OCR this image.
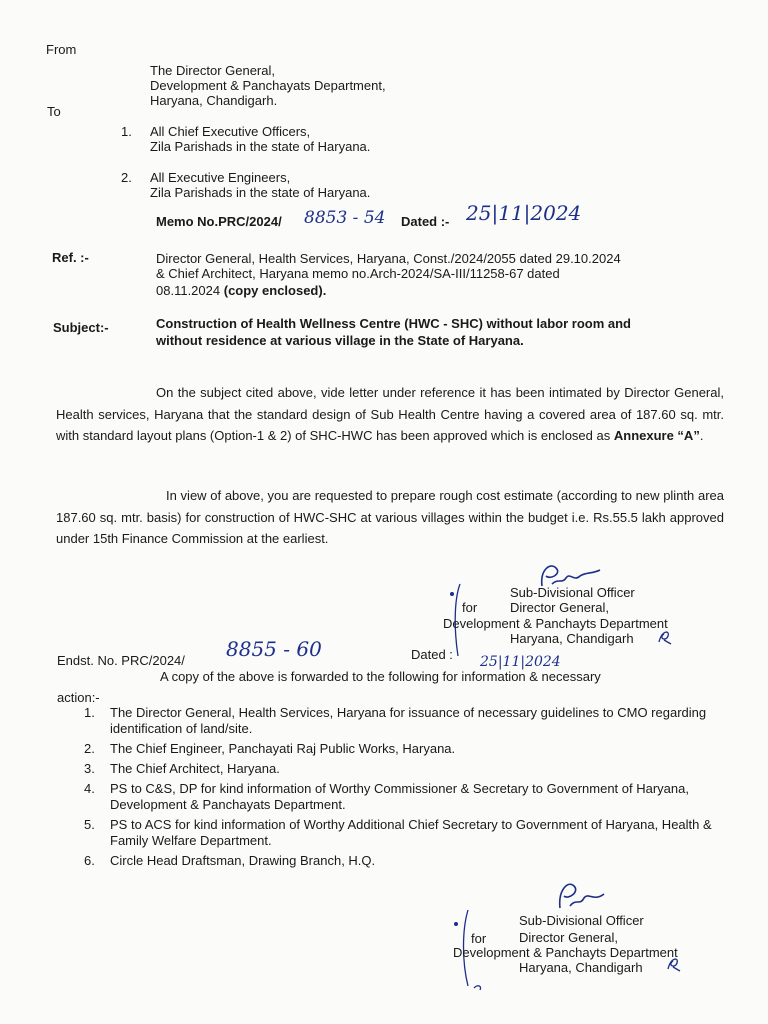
From
The Director General,
Development & Panchayats Department,
Haryana, Chandigarh.
To
1. All Chief Executive Officers,
Zila Parishads in the state of Haryana.
2. All Executive Engineers,
Zila Parishads in the state of Haryana.
Memo No.PRC/2024/ 8853 - 54 Dated :- 25|11|2024
Ref. :-	Director General, Health Services, Haryana, Const./2024/2055 dated 29.10.2024
& Chief Architect, Haryana memo no.Arch-2024/SA-III/11258-67 dated
08.11.2024 (copy enclosed).
Subject:-	Construction of Health Wellness Centre (HWC - SHC) without labor room and
without residence at various village in the State of Haryana.
On the subject cited above, vide letter under reference it has been intimated by Director General, Health services, Haryana that the standard design of Sub Health Centre having a covered area of 187.60 sq. mtr. with standard layout plans (Option-1 & 2) of SHC-HWC has been approved which is enclosed as Annexure “A”.
In view of above, you are requested to prepare rough cost estimate (according to new plinth area 187.60 sq. mtr. basis) for construction of HWC-SHC at various villages within the budget i.e. Rs.55.5 lakh approved under 15th Finance Commission at the earliest.
Sub-Divisional Officer
for	Director General,
Development & Panchayts Department
Haryana, Chandigarh
Endst. No. PRC/2024/ 8855 - 60	Dated : 25|11|2024
A copy of the above is forwarded to the following for information & necessary
action:-
1. The Director General, Health Services, Haryana for issuance of necessary guidelines to CMO regarding identification of land/site.
2. The Chief Engineer, Panchayati Raj Public Works, Haryana.
3. The Chief Architect, Haryana.
4. PS to C&S, DP for kind information of Worthy Commissioner & Secretary to Government of Haryana, Development & Panchayats Department.
5. PS to ACS for kind information of Worthy Additional Chief Secretary to Government of Haryana, Health & Family Welfare Department.
6. Circle Head Draftsman, Drawing Branch, H.Q.
Sub-Divisional Officer
for	Director General,
Development & Panchayts Department
Haryana, Chandigarh
